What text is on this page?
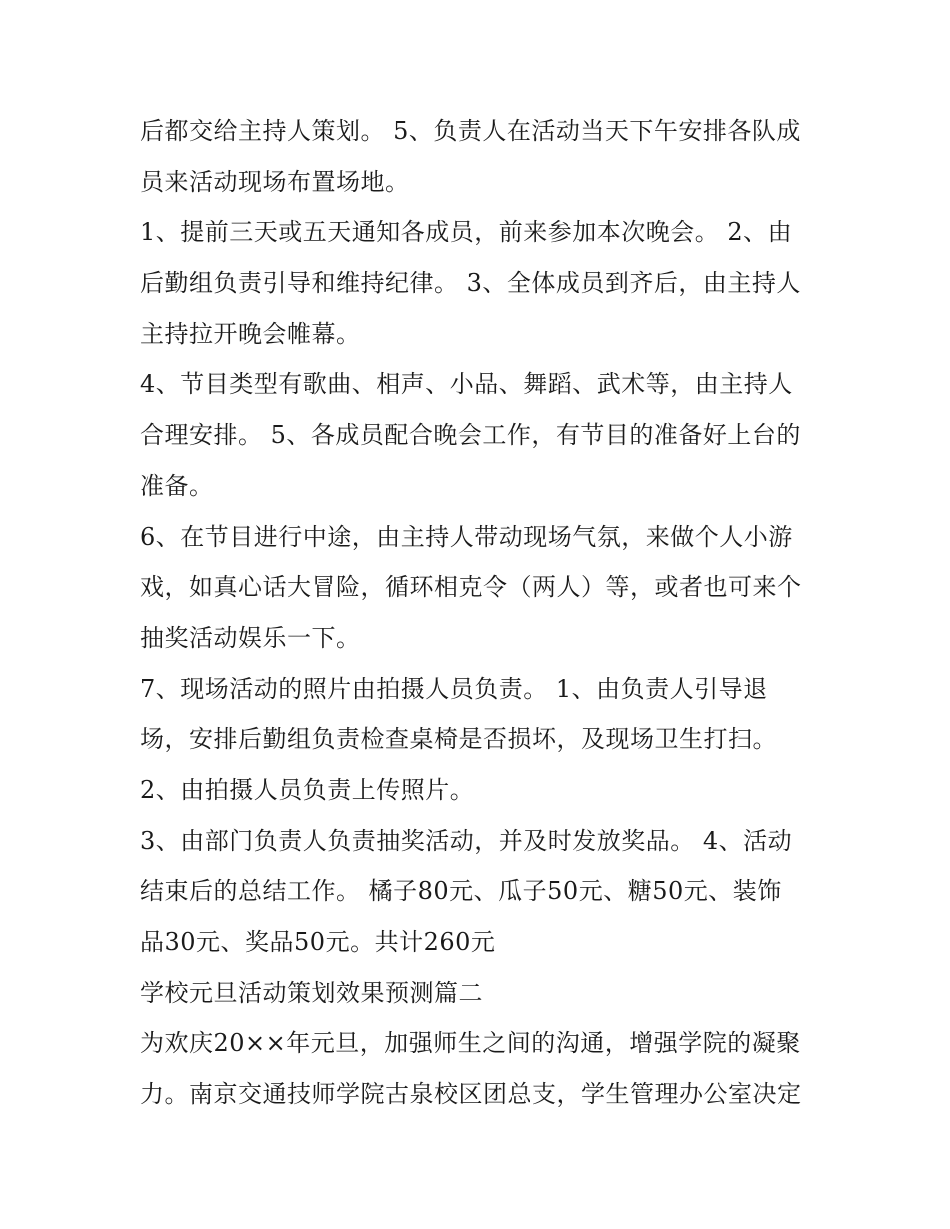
后都交给主持人策划。 5、负责人在活动当天下午安排各队成
员来活动现场布置场地。
1、提前三天或五天通知各成员，前来参加本次晚会。 2、由
后勤组负责引导和维持纪律。 3、全体成员到齐后，由主持人
主持拉开晚会帷幕。
4、节目类型有歌曲、相声、小品、舞蹈、武术等，由主持人
合理安排。 5、各成员配合晚会工作，有节目的准备好上台的
准备。
6、在节目进行中途，由主持人带动现场气氛，来做个人小游
戏，如真心话大冒险，循环相克令（两人）等，或者也可来个
抽奖活动娱乐一下。
7、现场活动的照片由拍摄人员负责。 1、由负责人引导退
场，安排后勤组负责检查桌椅是否损坏，及现场卫生打扫。
2、由拍摄人员负责上传照片。
3、由部门负责人负责抽奖活动，并及时发放奖品。 4、活动
结束后的总结工作。 橘子80元、瓜子50元、糖50元、装饰
品30元、奖品50元。共计260元
学校元旦活动策划效果预测篇二
为欢庆20××年元旦，加强师生之间的沟通，增强学院的凝聚
力。南京交通技师学院古泉校区团总支，学生管理办公室决定
